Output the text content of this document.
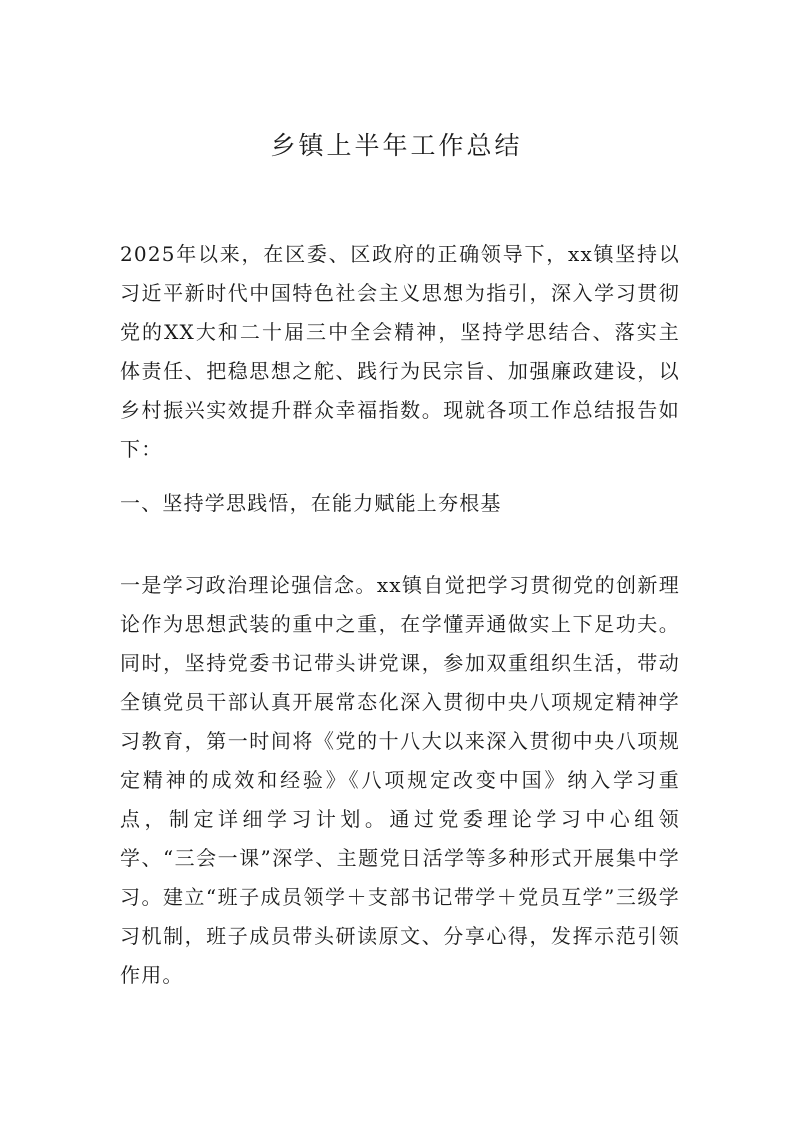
乡镇上半年工作总结

2025年以来，在区委、区政府的正确领导下，xx镇坚持以习近平新时代中国特色社会主义思想为指引，深入学习贯彻党的XX大和二十届三中全会精神，坚持学思结合、落实主体责任、把稳思想之舵、践行为民宗旨、加强廉政建设，以乡村振兴实效提升群众幸福指数。现就各项工作总结报告如下：

一、坚持学思践悟，在能力赋能上夯根基

一是学习政治理论强信念。xx镇自觉把学习贯彻党的创新理论作为思想武装的重中之重，在学懂弄通做实上下足功夫。同时，坚持党委书记带头讲党课，参加双重组织生活，带动全镇党员干部认真开展常态化深入贯彻中央八项规定精神学习教育，第一时间将《党的十八大以来深入贯彻中央八项规定精神的成效和经验》《八项规定改变中国》纳入学习重点，制定详细学习计划。通过党委理论学习中心组领学、“三会一课”深学、主题党日活学等多种形式开展集中学习。建立“班子成员领学＋支部书记带学＋党员互学”三级学习机制，班子成员带头研读原文、分享心得，发挥示范引领作用。
